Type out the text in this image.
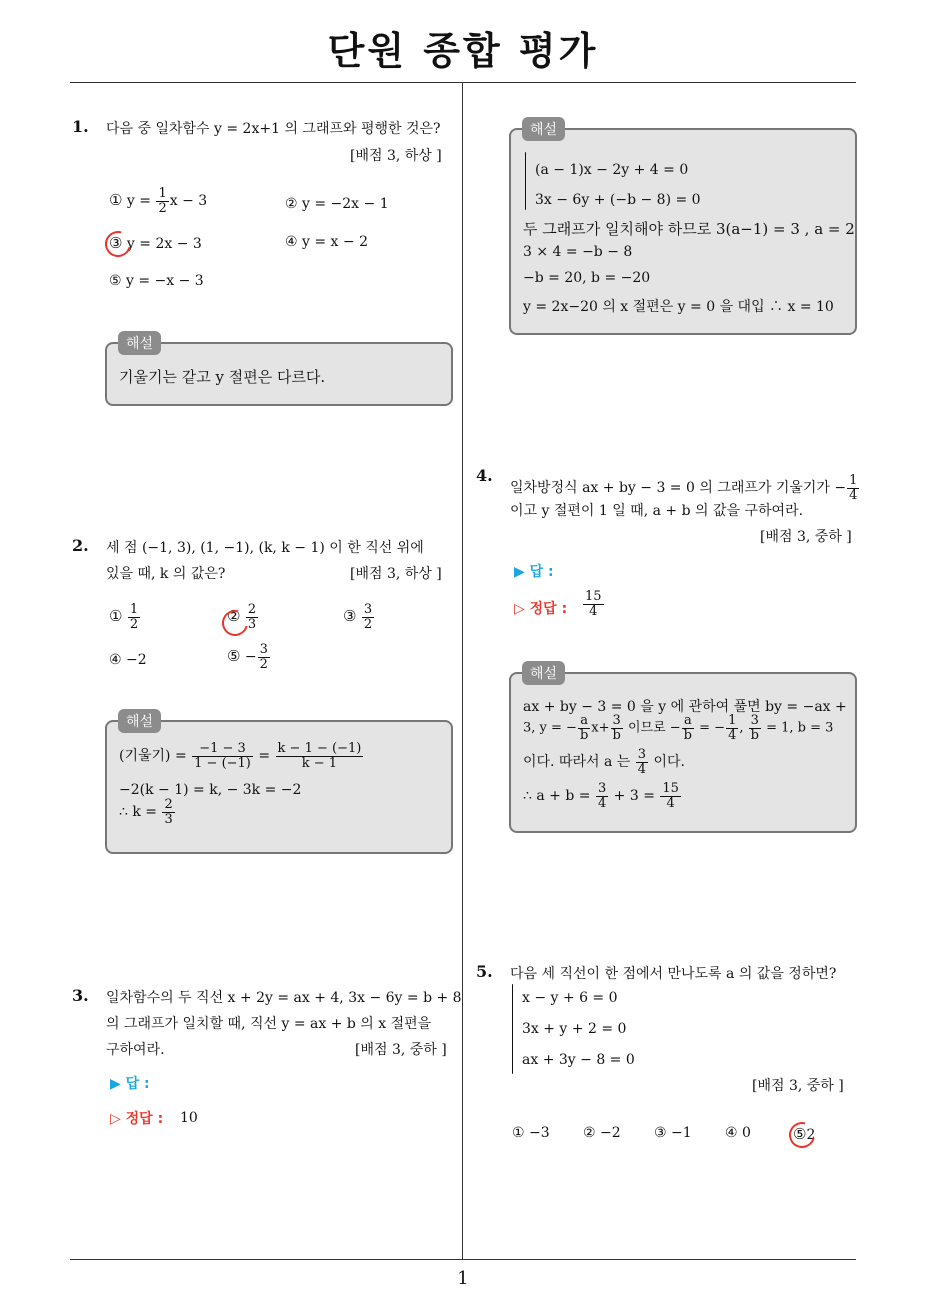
단원 종합 평가
1
1. 다음 중 일차함수 y = 2x+1 의 그래프와 평행한 것은?
[배점 3, 하상 ]
① $y = \frac{1}{2}$ x − 3	② y = −2x − 1
③ y = 2x − 3	④ y = x − 2
⑤ y = −x − 3
기울기는 같고 y 절편은 다르다.
해설
2. 세 점 (−1, 3), (1, −1), (k, k − 1) 이 한 직선 위에
있을 때, k 의 값은?	[배점 3, 하상 ]
① $\frac{1}{2}$	② $\frac{2}{3}$	③ $\frac{3}{2}$
④ −2	⑤ − $\frac{3}{2}$
(기울기) = $\frac{-1 - 3}{1 - (-1)} = \frac{k - 1 - (-1)}{k - 1}$
−2(k − 1) = k, − 3k = −2
∴ $k = \frac{2}{3}$
해설
3. 일차함수의 두 직선 x + 2y = ax + 4, 3x − 6y = b + 8
의 그래프가 일치할 때, 직선 y = ax + b 의 x 절편을
구하여라.	[배점 3, 중하 ]
▶ 답 :
▷ 정답 : 10
(a − 1)x − 2y + 4 = 0
3x − 6y + (−b − 8) = 0
두 그래프가 일치해야 하므로 3(a−1) = 3 , a = 2
3 × 4 = −b − 8
−b = 20, b = −20
y = 2x−20 의 x 절편은 y = 0 을 대입 ∴ x = 10
해설
4.
일차방정식 ax + by − 3 = 0 의 그래프가 기울기가 − $\frac{1}{4}$
이고 y 절편이 1 일 때, a + b 의 값을 구하여라.
[배점 3, 중하 ]
▶ 답 :
▷ 정답 : $\frac{15}{4}$
ax + by − 3 = 0 을 y 에 관하여 풀면 by = −ax +
3, y = − $\frac{a}{b} x+ \frac{3}{b}$ 이므로 − $\frac{a}{b}$ = − $\frac{1}{4}$ , $\frac{3}{b} = 1$, b = 3
이다. 따라서 a 는 $\frac{3}{4}$ 이다.
∴ $a + b = \frac{3}{4} + 3 = \frac{15}{4}$
해설
5. 다음 세 직선이 한 점에서 만나도록 a 의 값을 정하면?
x − y + 6 = 0
3x + y + 2 = 0
ax + 3y − 8 = 0
[배점 3, 중하 ]
① −3 ② −2 ③ −1 ④ 0	⑤2
